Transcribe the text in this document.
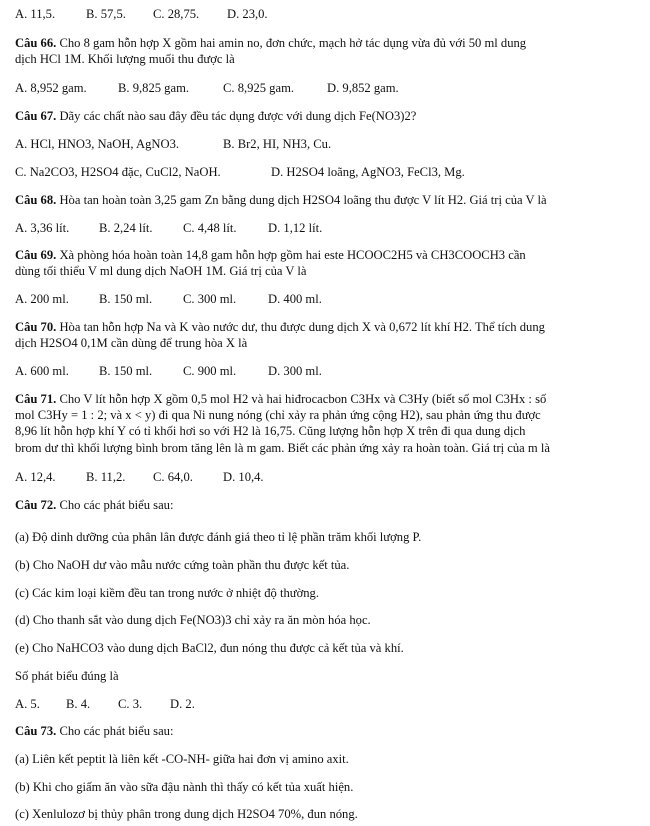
A. 11,5. B. 57,5. C. 28,75. D. 23,0.
Câu 66. Cho 8 gam hỗn hợp X gồm hai amin no, đơn chức, mạch hở tác dụng vừa đủ với 50 ml dung
dịch HCl 1M. Khối lượng muối thu được là
A. 8,952 gam. B. 9,825 gam.	C. 8,925 gam.	D. 9,852 gam.
Câu 67. Dãy các chất nào sau đây đều tác dụng được với dung dịch Fe(NO3)2?
A. HCl, HNO3, NaOH, AgNO3.	B. Br2, HI, NH3, Cu.
C. Na2CO3, H2SO4 đặc, CuCl2, NaOH.	D. H2SO4 loãng, AgNO3, FeCl3, Mg.
Câu 68. Hòa tan hoàn toàn 3,25 gam Zn bằng dung dịch H2SO4 loãng thu được V lít H2. Giá trị của V là
A. 3,36 lít. B. 2,24 lít. C. 4,48 lít. D. 1,12 lít.
Câu 69. Xà phòng hóa hoàn toàn 14,8 gam hỗn hợp gồm hai este HCOOC2H5 và CH3COOCH3 cần
dùng tối thiểu V ml dung dịch NaOH 1M. Giá trị của V là
A. 200 ml. B. 150 ml. C. 300 ml.	D. 400 ml.
Câu 70. Hòa tan hỗn hợp Na và K vào nước dư, thu được dung dịch X và 0,672 lít khí H2. Thể tích dung
dịch H2SO4 0,1M cần dùng để trung hòa X là
A. 600 ml. B. 150 ml. C. 900 ml.	D. 300 ml.
Câu 71. Cho V lít hỗn hợp X gồm 0,5 mol H2 và hai hiđrocacbon C3Hx và C3Hy (biết số mol C3Hx : số
mol C3Hy = 1 : 2; và x < y) đi qua Ni nung nóng (chỉ xảy ra phản ứng cộng H2), sau phản ứng thu được
8,96 lít hỗn hợp khí Y có tỉ khối hơi so với H2 là 16,75. Cũng lượng hỗn hợp X trên đi qua dung dịch
brom dư thì khối lượng bình brom tăng lên là m gam. Biết các phản ứng xảy ra hoàn toàn. Giá trị của m là
A. 12,4. B. 11,2. C. 64,0. D. 10,4.
Câu 72. Cho các phát biểu sau:
(a) Độ dinh dưỡng của phân lân được đánh giá theo tỉ lệ phần trăm khối lượng P.
(b) Cho NaOH dư vào mẫu nước cứng toàn phần thu được kết tủa.
(c) Các kim loại kiềm đều tan trong nước ở nhiệt độ thường.
(d) Cho thanh sắt vào dung dịch Fe(NO3)3 chỉ xảy ra ăn mòn hóa học.
(e) Cho NaHCO3 vào dung dịch BaCl2, đun nóng thu được cả kết tủa và khí.
Số phát biểu đúng là
A. 5. B. 4. C. 3. D. 2.
Câu 73. Cho các phát biểu sau:
(a) Liên kết peptit là liên kết -CO-NH- giữa hai đơn vị amino axit.
(b) Khi cho giấm ăn vào sữa đậu nành thì thấy có kết tủa xuất hiện.
(c) Xenlulozơ bị thủy phân trong dung dịch H2SO4 70%, đun nóng.
